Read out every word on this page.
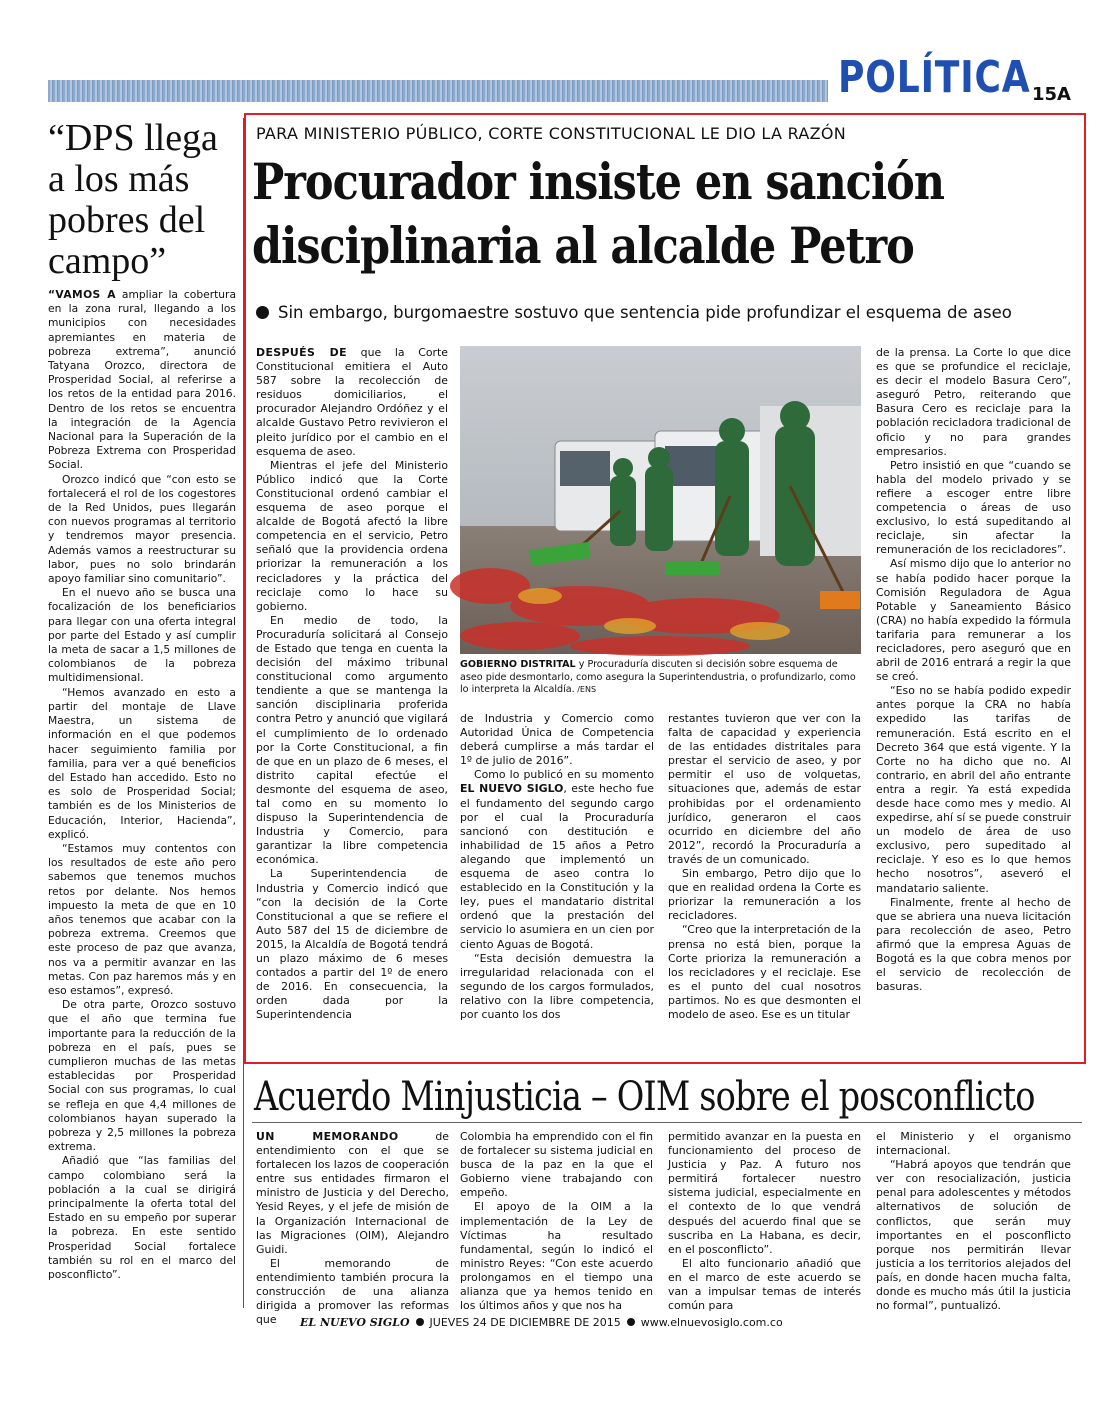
POLÍTICA 15A
“DPS llega a los más pobres del campo”

“VAMOS A ampliar la cobertura en la zona rural, llegando a los municipios con necesidades apremiantes en materia de pobreza extrema”, anunció Tatyana Orozco, directora de Prosperidad Social, al referirse a los retos de la entidad para 2016. Dentro de los retos se encuentra la integración de la Agencia Nacional para la Superación de la Pobreza Extrema con Prosperidad Social.

Orozco indicó que “con esto se fortalecerá el rol de los cogestores de la Red Unidos, pues llegarán con nuevos programas al territorio y tendremos mayor presencia. Además vamos a reestructurar su labor, pues no solo brindarán apoyo familiar sino comunitario”.

En el nuevo año se busca una focalización de los beneficiarios para llegar con una oferta integral por parte del Estado y así cumplir la meta de sacar a 1,5 millones de colombianos de la pobreza multidimensional.

“Hemos avanzado en esto a partir del montaje de Llave Maestra, un sistema de información en el que podemos hacer seguimiento familia por familia, para ver a qué beneficios del Estado han accedido. Esto no es solo de Prosperidad Social; también es de los Ministerios de Educación, Interior, Hacienda”, explicó.

“Estamos muy contentos con los resultados de este año pero sabemos que tenemos muchos retos por delante. Nos hemos impuesto la meta de que en 10 años tenemos que acabar con la pobreza extrema. Creemos que este proceso de paz que avanza, nos va a permitir avanzar en las metas. Con paz haremos más y en eso estamos”, expresó.

De otra parte, Orozco sostuvo que el año que termina fue importante para la reducción de la pobreza en el país, pues se cumplieron muchas de las metas establecidas por Prosperidad Social con sus programas, lo cual se refleja en que 4,4 millones de colombianos hayan superado la pobreza y 2,5 millones la pobreza extrema.

Añadió que “las familias del campo colombiano será la población a la cual se dirigirá principalmente la oferta total del Estado en su empeño por superar la pobreza. En este sentido Prosperidad Social fortalece también su rol en el marco del posconflicto”.

PARA MINISTERIO PÚBLICO, CORTE CONSTITUCIONAL LE DIO LA RAZÓN
Procurador insiste en sanción disciplinaria al alcalde Petro
Sin embargo, burgomaestre sostuvo que sentencia pide profundizar el esquema de aseo

DESPUÉS DE que la Corte Constitucional emitiera el Auto 587 sobre la recolección de residuos domiciliarios, el procurador Alejandro Ordóñez y el alcalde Gustavo Petro revivieron el pleito jurídico por el cambio en el esquema de aseo.

Mientras el jefe del Ministerio Público indicó que la Corte Constitucional ordenó cambiar el esquema de aseo porque el alcalde de Bogotá afectó la libre competencia en el servicio, Petro señaló que la providencia ordena priorizar la remuneración a los recicladores y la práctica del reciclaje como lo hace su gobierno.

En medio de todo, la Procuraduría solicitará al Consejo de Estado que tenga en cuenta la decisión del máximo tribunal constitucional como argumento tendiente a que se mantenga la sanción disciplinaria proferida contra Petro y anunció que vigilará el cumplimiento de lo ordenado por la Corte Constitucional, a fin de que en un plazo de 6 meses, el distrito capital efectúe el desmonte del esquema de aseo, tal como en su momento lo dispuso la Superintendencia de Industria y Comercio, para garantizar la libre competencia económica.

La Superintendencia de Industria y Comercio indicó que “con la decisión de la Corte Constitucional a que se refiere el Auto 587 del 15 de diciembre de 2015, la Alcaldía de Bogotá tendrá un plazo máximo de 6 meses contados a partir del 1º de enero de 2016. En consecuencia, la orden dada por la Superintendencia

GOBIERNO DISTRITAL y Procuraduría discuten si decisión sobre esquema de aseo pide desmontarlo, como asegura la Superintendustria, o profundizarlo, como lo interpreta la Alcaldía. /ENS

de Industria y Comercio como Autoridad Única de Competencia deberá cumplirse a más tardar el 1º de julio de 2016”.

Como lo publicó en su momento EL NUEVO SIGLO, este hecho fue el fundamento del segundo cargo por el cual la Procuraduría sancionó con destitución e inhabilidad de 15 años a Petro alegando que implementó un esquema de aseo contra lo establecido en la Constitución y la ley, pues el mandatario distrital ordenó que la prestación del servicio lo asumiera en un cien por ciento Aguas de Bogotá.

“Esta decisión demuestra la irregularidad relacionada con el segundo de los cargos formulados, relativo con la libre competencia, por cuanto los dos

restantes tuvieron que ver con la falta de capacidad y experiencia de las entidades distritales para prestar el servicio de aseo, y por permitir el uso de volquetas, situaciones que, además de estar prohibidas por el ordenamiento jurídico, generaron el caos ocurrido en diciembre del año 2012”, recordó la Procuraduría a través de un comunicado.

Sin embargo, Petro dijo que lo que en realidad ordena la Corte es priorizar la remuneración a los recicladores.

“Creo que la interpretación de la prensa no está bien, porque la Corte prioriza la remuneración a los recicladores y el reciclaje. Ese es el punto del cual nosotros partimos. No es que desmonten el modelo de aseo. Ese es un titular

de la prensa. La Corte lo que dice es que se profundice el reciclaje, es decir el modelo Basura Cero”, aseguró Petro, reiterando que Basura Cero es reciclaje para la población recicladora tradicional de oficio y no para grandes empresarios.

Petro insistió en que “cuando se habla del modelo privado y se refiere a escoger entre libre competencia o áreas de uso exclusivo, lo está supeditando al reciclaje, sin afectar la remuneración de los recicladores”.

Así mismo dijo que lo anterior no se había podido hacer porque la Comisión Reguladora de Agua Potable y Saneamiento Básico (CRA) no había expedido la fórmula tarifaria para remunerar a los recicladores, pero aseguró que en abril de 2016 entrará a regir la que se creó.

“Eso no se había podido expedir antes porque la CRA no había expedido las tarifas de remuneración. Está escrito en el Decreto 364 que está vigente. Y la Corte no ha dicho que no. Al contrario, en abril del año entrante entra a regir. Ya está expedida desde hace como mes y medio. Al expedirse, ahí sí se puede construir un modelo de área de uso exclusivo, pero supeditado al reciclaje. Y eso es lo que hemos hecho nosotros”, aseveró el mandatario saliente.

Finalmente, frente al hecho de que se abriera una nueva licitación para recolección de aseo, Petro afirmó que la empresa Aguas de Bogotá es la que cobra menos por el servicio de recolección de basuras.

Acuerdo Minjusticia – OIM sobre el posconflicto

UN MEMORANDO de entendimiento con el que se fortalecen los lazos de cooperación entre sus entidades firmaron el ministro de Justicia y del Derecho, Yesid Reyes, y el jefe de misión de la Organización Internacional de las Migraciones (OIM), Alejandro Guidi.

El memorando de entendimiento también procura la construcción de una alianza dirigida a promover las reformas que

Colombia ha emprendido con el fin de fortalecer su sistema judicial en busca de la paz en la que el Gobierno viene trabajando con empeño.

El apoyo de la OIM a la implementación de la Ley de Víctimas ha resultado fundamental, según lo indicó el ministro Reyes: “Con este acuerdo prolongamos en el tiempo una alianza que ya hemos tenido en los últimos años y que nos ha

permitido avanzar en la puesta en funcionamiento del proceso de Justicia y Paz. A futuro nos permitirá fortalecer nuestro sistema judicial, especialmente en el contexto de lo que vendrá después del acuerdo final que se suscriba en La Habana, es decir, en el posconflicto”.

El alto funcionario añadió que en el marco de este acuerdo se van a impulsar temas de interés común para

el Ministerio y el organismo internacional.

“Habrá apoyos que tendrán que ver con resocialización, justicia penal para adolescentes y métodos alternativos de solución de conflictos, que serán muy importantes en el posconflicto porque nos permitirán llevar justicia a los territorios alejados del país, en donde hacen mucha falta, donde es mucho más útil la justicia no formal”, puntualizó.

EL NUEVO SIGLO JUEVES 24 DE DICIEMBRE DE 2015 www.elnuevosiglo.com.co
